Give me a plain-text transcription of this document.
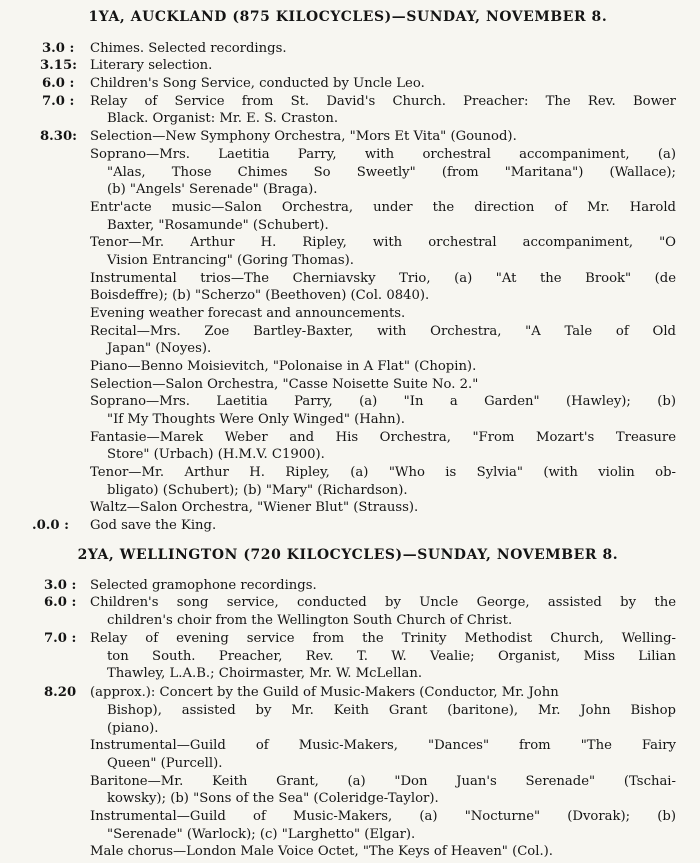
1YA, AUCKLAND (875 KILOCYCLES)—SUNDAY, NOVEMBER 8.
3.0 : Chimes. Selected recordings.
3.15: Literary selection.
6.0 : Children's Song Service, conducted by Uncle Leo.
7.0 : Relay of Service from St. David's Church. Preacher: The Rev. Bower
Black. Organist: Mr. E. S. Craston.
8.30: Selection—New Symphony Orchestra, "Mors Et Vita" (Gounod).
Soprano—Mrs. Laetitia Parry, with orchestral accompaniment, (a)
"Alas, Those Chimes So Sweetly" (from "Maritana") (Wallace);
(b) "Angels' Serenade" (Braga).
Entr'acte music—Salon Orchestra, under the direction of Mr. Harold
Baxter, "Rosamunde" (Schubert).
Tenor—Mr. Arthur H. Ripley, with orchestral accompaniment, "O
Vision Entrancing" (Goring Thomas).
Instrumental trios—The Cherniavsky Trio, (a) "At the Brook" (de
Boisdeffre); (b) "Scherzo" (Beethoven) (Col. 0840).
Evening weather forecast and announcements.
Recital—Mrs. Zoe Bartley-Baxter, with Orchestra, "A Tale of Old
Japan" (Noyes).
Piano—Benno Moisievitch, "Polonaise in A Flat" (Chopin).
Selection—Salon Orchestra, "Casse Noisette Suite No. 2."
Soprano—Mrs. Laetitia Parry, (a) "In a Garden" (Hawley); (b)
"If My Thoughts Were Only Winged" (Hahn).
Fantasie—Marek Weber and His Orchestra, "From Mozart's Treasure
Store" (Urbach) (H.M.V. C1900).
Tenor—Mr. Arthur H. Ripley, (a) "Who is Sylvia" (with violin ob-
bligato) (Schubert); (b) "Mary" (Richardson).
Waltz—Salon Orchestra, "Wiener Blut" (Strauss).
.0.0 : God save the King.
2YA, WELLINGTON (720 KILOCYCLES)—SUNDAY, NOVEMBER 8.
3.0 : Selected gramophone recordings.
6.0 : Children's song service, conducted by Uncle George, assisted by the
children's choir from the Wellington South Church of Christ.
7.0 : Relay of evening service from the Trinity Methodist Church, Welling-
ton South. Preacher, Rev. T. W. Vealie; Organist, Miss Lilian
Thawley, L.A.B.; Choirmaster, Mr. W. McLellan.
8.20 (approx.): Concert by the Guild of Music-Makers (Conductor, Mr. John
Bishop), assisted by Mr. Keith Grant (baritone), Mr. John Bishop
(piano).
Instrumental—Guild of Music-Makers, "Dances" from "The Fairy
Queen" (Purcell).
Baritone—Mr. Keith Grant, (a) "Don Juan's Serenade" (Tschai-
kowsky); (b) "Sons of the Sea" (Coleridge-Taylor).
Instrumental—Guild of Music-Makers, (a) "Nocturne" (Dvorak); (b)
"Serenade" (Warlock); (c) "Larghetto" (Elgar).
Male chorus—London Male Voice Octet, "The Keys of Heaven" (Col.).
